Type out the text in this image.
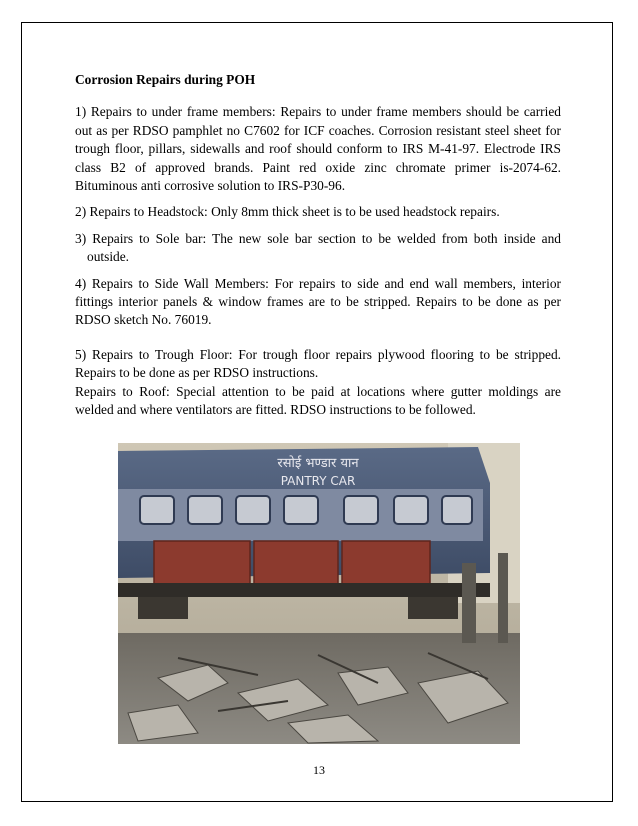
Corrosion Repairs during POH

1) Repairs to under frame members: Repairs to under frame members should be carried out as per RDSO pamphlet no C7602 for ICF coaches. Corrosion resistant steel sheet for trough floor, pillars, sidewalls and roof should conform to IRS M-41-97. Electrode IRS class B2 of approved brands. Paint red oxide zinc chromate primer is-2074-62. Bituminous anti corrosive solution to IRS-P30-96.

2) Repairs to Headstock: Only 8mm thick sheet is to be used headstock repairs.

3) Repairs to Sole bar: The new sole bar section to be welded from both inside and outside.

4) Repairs to Side Wall Members: For repairs to side and end wall members, interior fittings interior panels & window frames are to be stripped. Repairs to be done as per RDSO sketch No. 76019.

5) Repairs to Trough Floor: For trough floor repairs plywood flooring to be stripped. Repairs to be done as per RDSO instructions.

Repairs to Roof: Special attention to be paid at locations where gutter moldings are welded and where ventilators are fitted. RDSO instructions to be followed.

रसोई भण्डार यान
PANTRY CAR
13
